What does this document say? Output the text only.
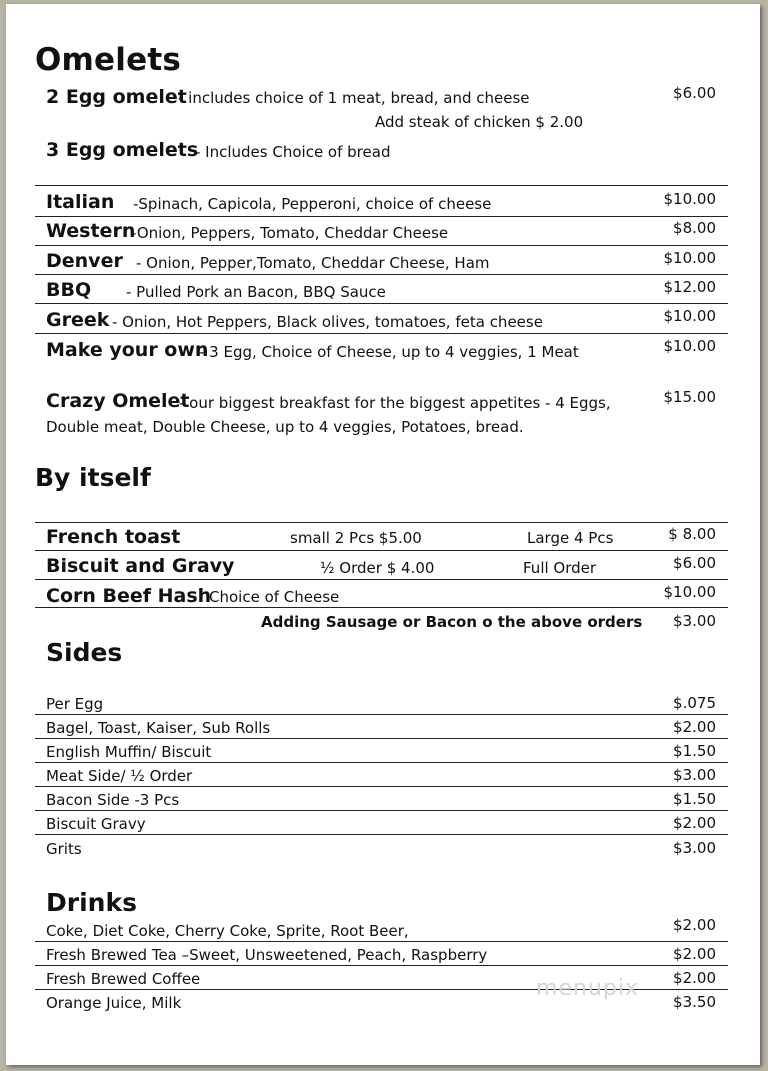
Omelets
2 Egg omelet
- includes choice of 1 meat, bread, and cheese	$6.00
Add steak of chicken $ 2.00
3 Egg omelets
- Includes Choice of bread
Italian -Spinach, Capicola, Pepperoni, choice of cheese	$10.00
Western
-Onion, Peppers, Tomato, Cheddar Cheese	$8.00
Denver - Onion, Pepper,Tomato, Cheddar Cheese, Ham	$10.00
BBQ - Pulled Pork an Bacon, BBQ Sauce	$12.00
Greek - Onion, Hot Peppers, Black olives, tomatoes, feta cheese	$10.00
Make your own
- 3 Egg, Choice of Cheese, up to 4 veggies, 1 Meat	$10.00
Crazy Omelet
- our biggest breakfast for the biggest appetites - 4 Eggs,
Double meat, Double Cheese, up to 4 veggies, Potatoes, bread.
$15.00
By itself
French toast	small 2 Pcs $5.00	Large 4 Pcs	$ 8.00
Biscuit and Gravy	½ Order $ 4.00	Full Order	$6.00
Corn Beef Hash
Choice of Cheese	$10.00
Adding Sausage or Bacon o the above orders	$3.00
Sides
Per Egg	$.075
Bagel, Toast, Kaiser, Sub Rolls	$2.00
English Muffin/ Biscuit	$1.50
Meat Side/ ½ Order	$3.00
Bacon Side -3 Pcs	$1.50
Biscuit Gravy	$2.00
Grits	$3.00
Drinks
Coke, Diet Coke, Cherry Coke, Sprite, Root Beer,	$2.00
Fresh Brewed Tea –Sweet, Unsweetened, Peach, Raspberry	$2.00
Fresh Brewed Coffee	$2.00
Orange Juice, Milk	$3.50
menupix
